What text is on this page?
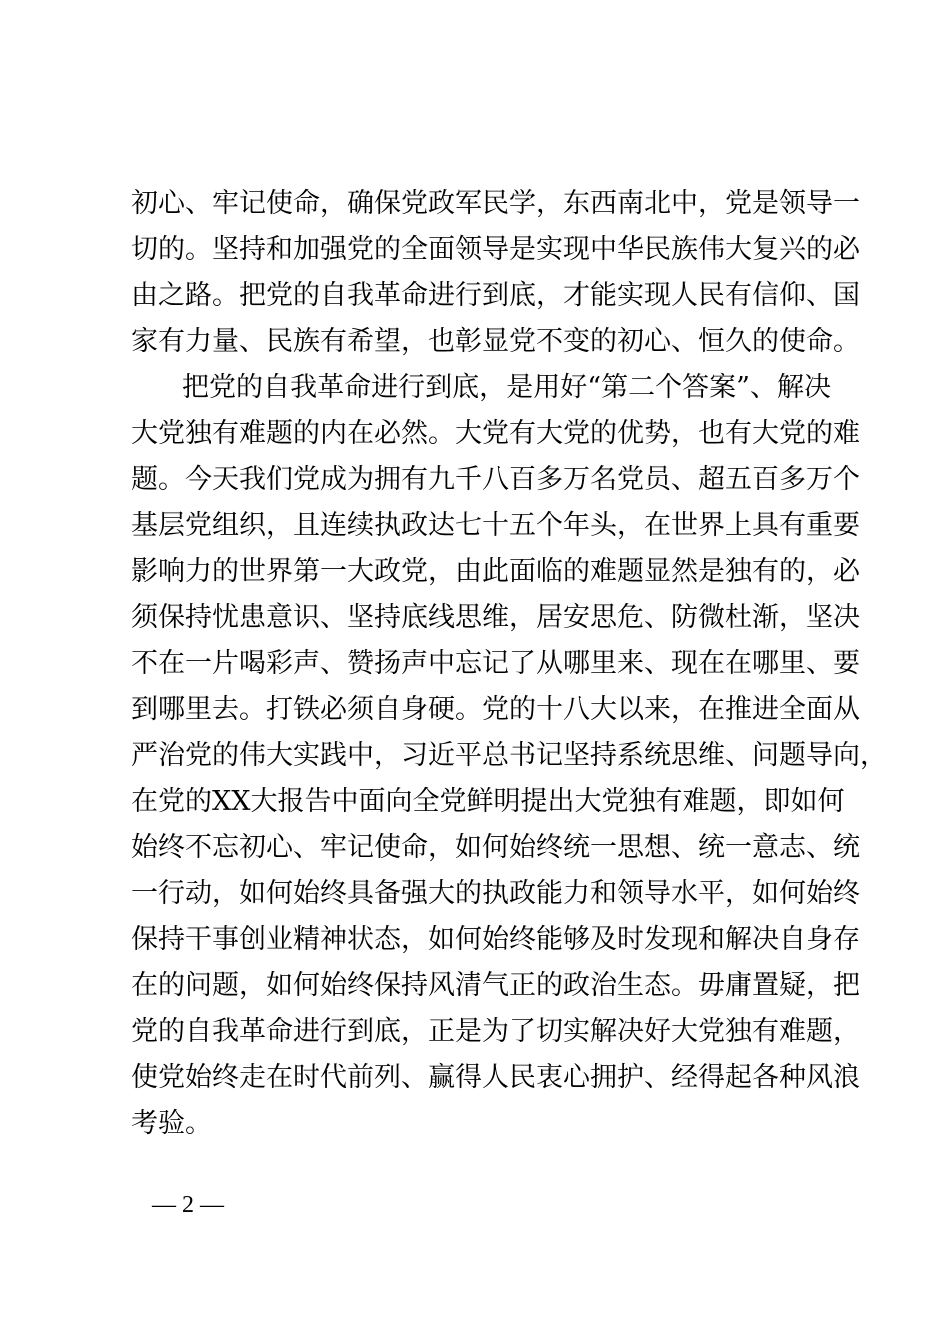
初心、牢记使命，确保党政军民学，东西南北中，党是领导一
切的。坚持和加强党的全面领导是实现中华民族伟大复兴的必
由之路。把党的自我革命进行到底，才能实现人民有信仰、国
家有力量、民族有希望，也彰显党不变的初心、恒久的使命。
把党的自我革命进行到底，是用好“第二个答案”、解决
大党独有难题的内在必然。大党有大党的优势，也有大党的难
题。今天我们党成为拥有九千八百多万名党员、超五百多万个
基层党组织，且连续执政达七十五个年头，在世界上具有重要
影响力的世界第一大政党，由此面临的难题显然是独有的，必
须保持忧患意识、坚持底线思维，居安思危、防微杜渐，坚决
不在一片喝彩声、赞扬声中忘记了从哪里来、现在在哪里、要
到哪里去。打铁必须自身硬。党的十八大以来，在推进全面从
严治党的伟大实践中，习近平总书记坚持系统思维、问题导向，
在党的XX大报告中面向全党鲜明提出大党独有难题，即如何
始终不忘初心、牢记使命，如何始终统一思想、统一意志、统
一行动，如何始终具备强大的执政能力和领导水平，如何始终
保持干事创业精神状态，如何始终能够及时发现和解决自身存
在的问题，如何始终保持风清气正的政治生态。毋庸置疑，把
党的自我革命进行到底，正是为了切实解决好大党独有难题，
使党始终走在时代前列、赢得人民衷心拥护、经得起各种风浪
考验。
— 2 —
